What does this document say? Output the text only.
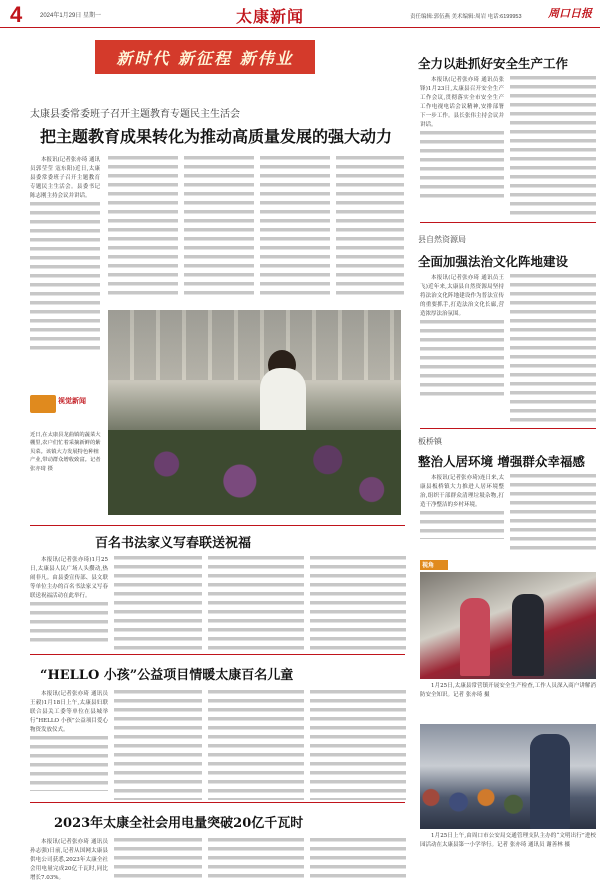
4	2024年1月29日 星期一	太康新闻	责任编辑:郭伍燕 美术编辑:周岩 电话:6199953 周口日报
新时代 新征程 新伟业
太康县委常委班子召开主题教育专题民主生活会
把主题教育成果转化为推动高质量发展的强大动力

本报讯(记者张亦琦 通讯员郭莹莹 寇东阳)近日,太康县委常委班子召开主题教育专题民主生活会。县委书记陈志刚主持会议并讲话。

视觉新闻
近日,在太康县龙曲镇的蔬菜大棚里,农户们忙着采摘新鲜的紫贝菜。该镇大力发展特色种植产业,带动群众增收致富。记者 张亦琦 摄
百名书法家义写春联送祝福

本报讯(记者张亦琦)1月25日,太康县人民广场人头攒动,热闹非凡。由县委宣传部、县文联等单位主办的百名书法家义写春联送祝福活动在此举行。

“HELLO 小孩”公益项目情暖太康百名儿童

本报讯(记者张亦琦 通讯员王毅)1月18日上午,太康县妇联联合县关工委等单位在县城举行“HELLO 小孩”公益项目爱心物资发放仪式。

2023年太康全社会用电量突破20亿千瓦时

本报讯(记者张亦琦 通讯员孙志强)日前,记者从国网太康县供电公司获悉,2023年太康全社会用电量完成20亿千瓦时,同比增长7.03%。

全力以赴抓好安全生产工作

本报讯(记者张亦琦 通讯员张锋)1月23日,太康县召开安全生产工作会议,贯彻落实全市安全生产工作电视电话会议精神,安排部署下一步工作。县长张伟主持会议并讲话。

县自然资源局
全面加强法治文化阵地建设

本报讯(记者张亦琦 通讯员王飞)近年来,太康县自然资源局坚持将法治文化阵地建设作为普法宣传的重要抓手,打造法治文化长廊,营造浓厚法治氛围。

板桥镇
整治人居环境 增强群众幸福感

本报讯(记者张亦琦)连日来,太康县板桥镇大力推进人居环境整治,组织干部群众清理垃圾杂物,打造干净整洁的乡村环境。

视角

1月25日,太康县常营镇开展安全生产检查,工作人员深入商户讲解消防安全知识。记者 张亦琦 摄

1月25日上午,由周口市公安局交通管理支队主办的“文明出行”进校园活动在太康县第一小学举行。记者 张亦琦 通讯员 谢善林 摄
